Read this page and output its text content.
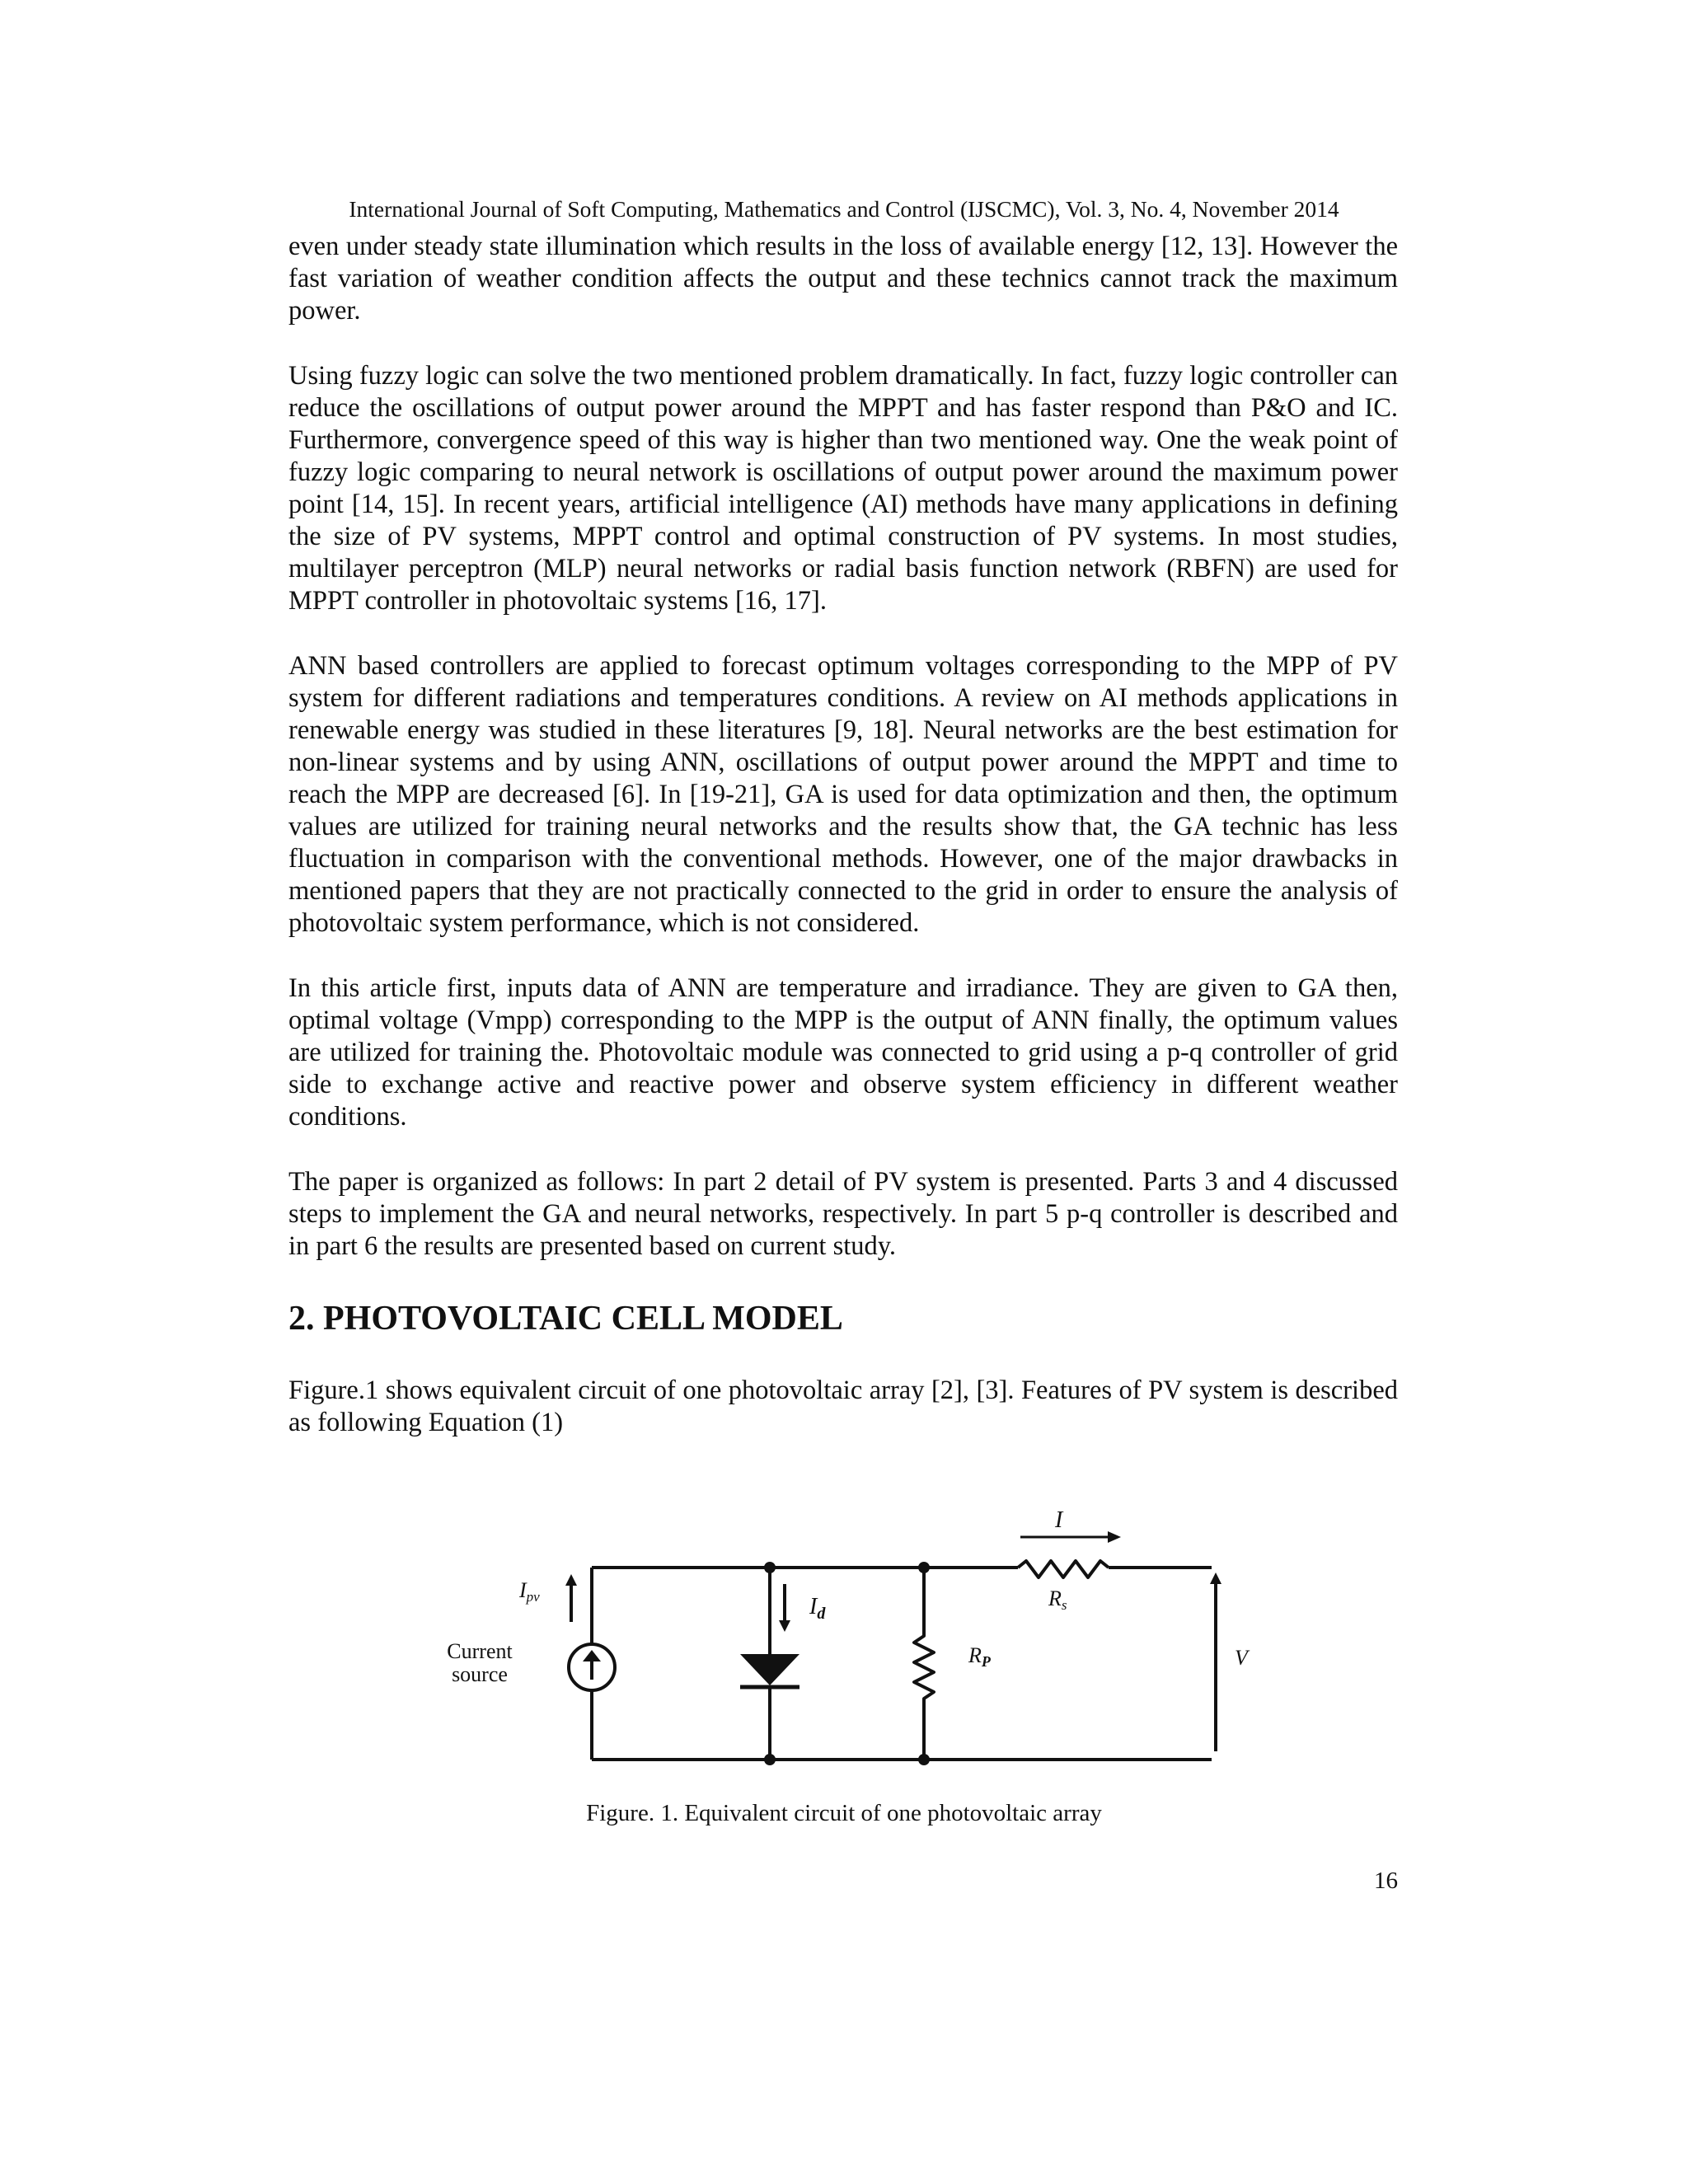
International Journal of Soft Computing, Mathematics and Control (IJSCMC), Vol. 3, No. 4, November 2014

even under steady state illumination which results in the loss of available energy [12, 13]. However the fast variation of weather condition affects the output and these technics cannot track the maximum power.

Using fuzzy logic can solve the two mentioned problem dramatically. In fact, fuzzy logic controller can reduce the oscillations of output power around the MPPT and has faster respond than P&O and IC. Furthermore, convergence speed of this way is higher than two mentioned way. One the weak point of fuzzy logic comparing to neural network is oscillations of output power around the maximum power point [14, 15]. In recent years, artificial intelligence (AI) methods have many applications in defining the size of PV systems, MPPT control and optimal construction of PV systems. In most studies, multilayer perceptron (MLP) neural networks or radial basis function network (RBFN) are used for MPPT controller in photovoltaic systems [16, 17].

ANN based controllers are applied to forecast optimum voltages corresponding to the MPP of PV system for different radiations and temperatures conditions. A review on AI methods applications in renewable energy was studied in these literatures [9, 18]. Neural networks are the best estimation for non-linear systems and by using ANN, oscillations of output power around the MPPT and time to reach the MPP are decreased [6]. In [19-21], GA is used for data optimization and then, the optimum values are utilized for training neural networks and the results show that, the GA technic has less fluctuation in comparison with the conventional methods. However, one of the major drawbacks in mentioned papers that they are not practically connected to the grid in order to ensure the analysis of photovoltaic system performance, which is not considered.

In this article first, inputs data of ANN are temperature and irradiance. They are given to GA then, optimal voltage (Vmpp) corresponding to the MPP is the output of ANN finally, the optimum values are utilized for training the. Photovoltaic module was connected to grid using a p-q controller of grid side to exchange active and reactive power and observe system efficiency in different weather conditions.

The paper is organized as follows: In part 2 detail of PV system is presented. Parts 3 and 4 discussed steps to implement the GA and neural networks, respectively. In part 5 p-q controller is described and in part 6 the results are presented based on current study.

2. PHOTOVOLTAIC CELL MODEL

Figure.1 shows equivalent circuit of one photovoltaic array [2], [3]. Features of PV system is described as following Equation (1)

I
Ipv	$I_d$
Rs
RP	V
Current
source
Figure. 1. Equivalent circuit of one photovoltaic array
16
